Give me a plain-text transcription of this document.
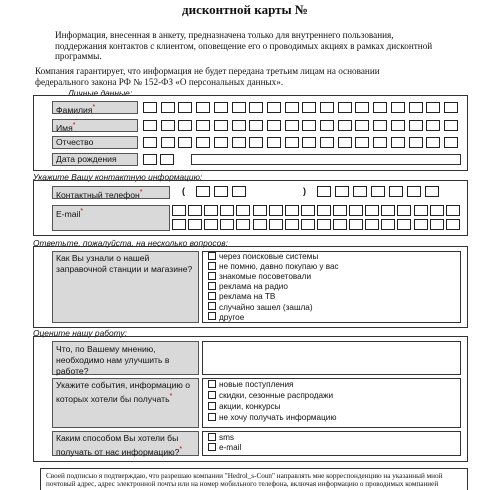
дисконтной карты №

Информация, внесенная в анкету, предназначена только для внутреннего пользования,

поддержания контактов с клиентом, оповещение его о проводимых акциях в рамках дисконтной

программы.

Компания гарантирует, что информация не будет передана третьим лицам на основании
федерального закона РФ № 152-ФЗ «О персональных данных».
Личные данные:
Фамилия*
Имя*
Отчество
Дата рождения
Укажите Вашу контактную информацию:
Контактный телефон*	(	)
E-mail*
Ответьте, пожалуйста, на несколько вопросов:
Как Вы узнали о нашей заправочной станции и магазине?
через поисковые системы
не помню, давно покупаю у вас
знакомые посоветовали
реклама на радио
реклама на ТВ
случайно зашел (зашла)
другое
Оцените нашу работу:
Что, по Вашему мнению, необходимо нам улучшить в работе?
Укажите события, информацию о которых хотели бы получать*
новые поступления
скидки, сезонные распродажи
акции, конкурсы
не хочу получать информацию
Каким способом Вы хотели бы получать от нас информацию?*
sms
e-mail
Своей подписью я подтверждаю, что разрешаю компании "Hedrol_s-Coun" направлять мне корреспонденцию на указанный мной
почтовый адрес, адрес электронной почты или на номер мобильного телефона, включая информацию о проводимых компанией
